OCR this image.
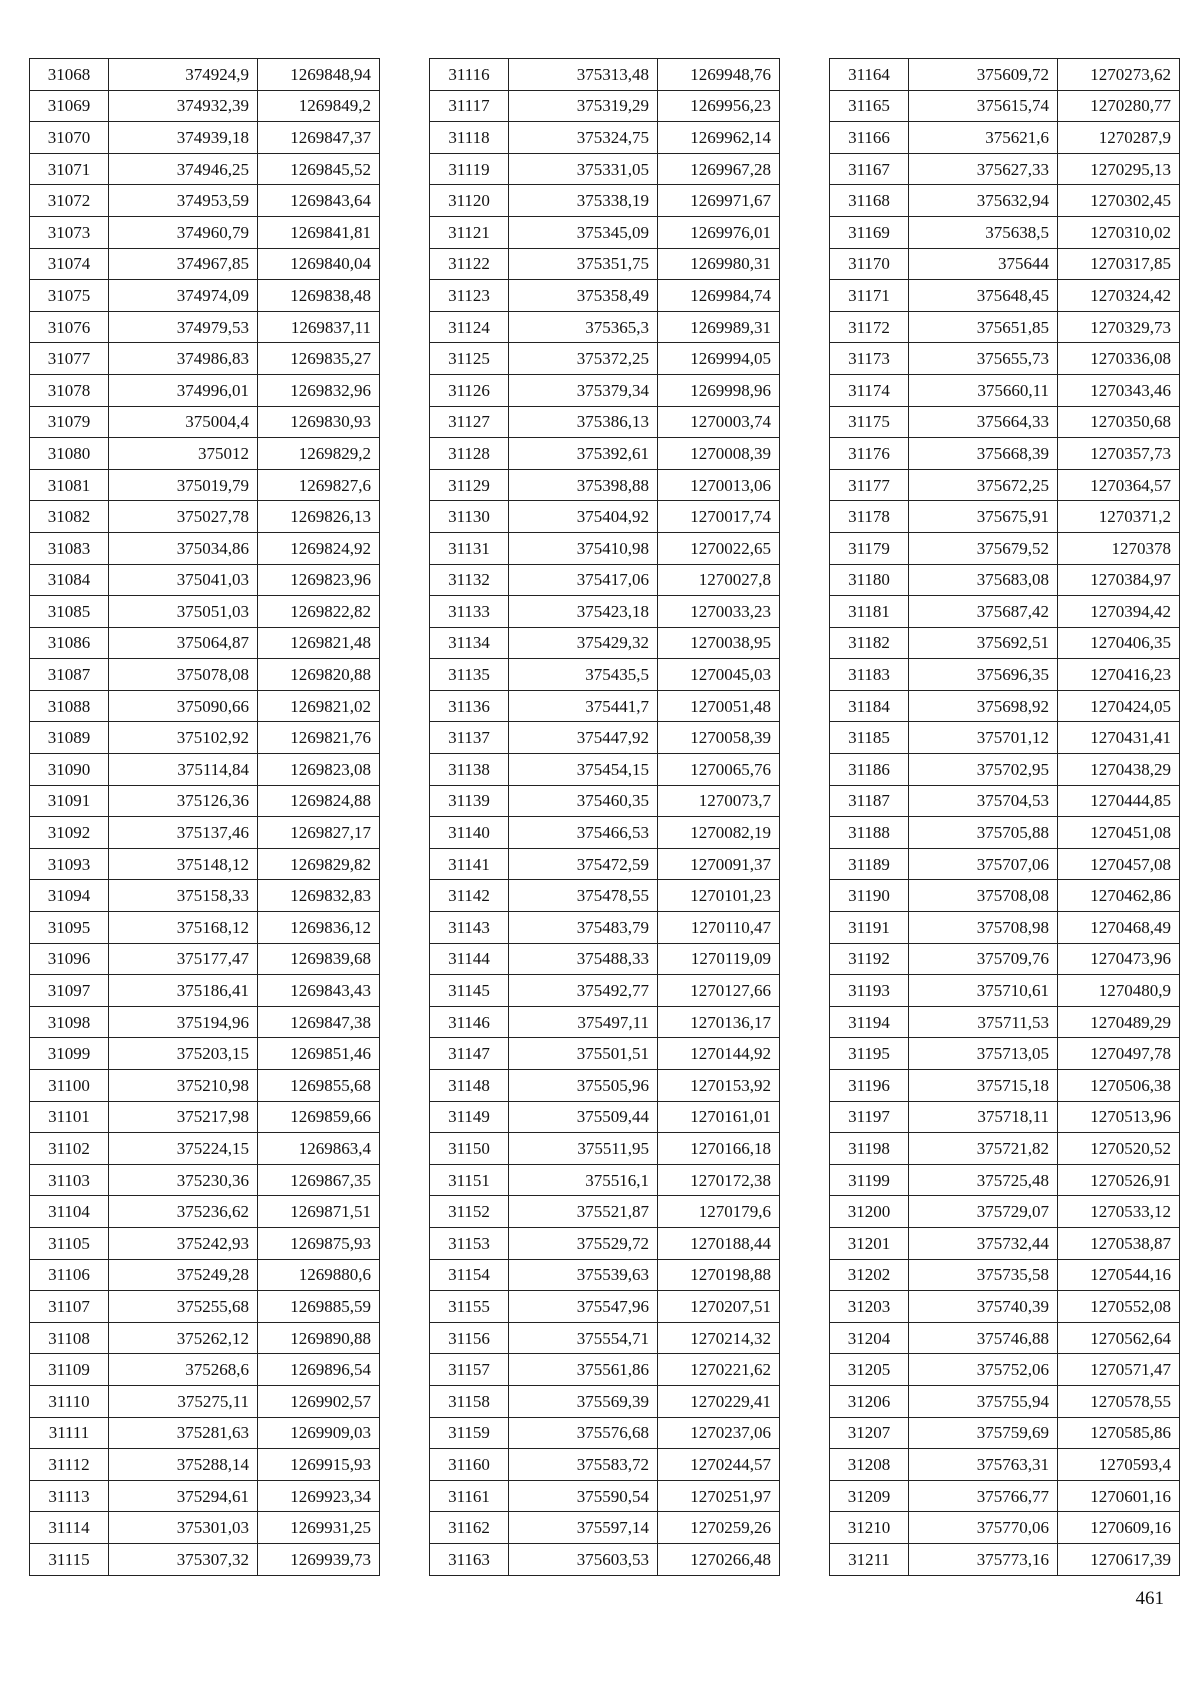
31068	374924,9	1269848,94
31069	374932,39	1269849,2
31070	374939,18	1269847,37
31071	374946,25	1269845,52
31072	374953,59	1269843,64
31073	374960,79	1269841,81
31074	374967,85	1269840,04
31075	374974,09	1269838,48
31076	374979,53	1269837,11
31077	374986,83	1269835,27
31078	374996,01	1269832,96
31079	375004,4	1269830,93
31080	375012	1269829,2
31081	375019,79	1269827,6
31082	375027,78	1269826,13
31083	375034,86	1269824,92
31084	375041,03	1269823,96
31085	375051,03	1269822,82
31086	375064,87	1269821,48
31087	375078,08	1269820,88
31088	375090,66	1269821,02
31089	375102,92	1269821,76
31090	375114,84	1269823,08
31091	375126,36	1269824,88
31092	375137,46	1269827,17
31093	375148,12	1269829,82
31094	375158,33	1269832,83
31095	375168,12	1269836,12
31096	375177,47	1269839,68
31097	375186,41	1269843,43
31098	375194,96	1269847,38
31099	375203,15	1269851,46
31100	375210,98	1269855,68
31101	375217,98	1269859,66
31102	375224,15	1269863,4
31103	375230,36	1269867,35
31104	375236,62	1269871,51
31105	375242,93	1269875,93
31106	375249,28	1269880,6
31107	375255,68	1269885,59
31108	375262,12	1269890,88
31109	375268,6	1269896,54
31110	375275,11	1269902,57
31111	375281,63	1269909,03
31112	375288,14	1269915,93
31113	375294,61	1269923,34
31114	375301,03	1269931,25
31115	375307,32	1269939,73
31116	375313,48	1269948,76
31117	375319,29	1269956,23
31118	375324,75	1269962,14
31119	375331,05	1269967,28
31120	375338,19	1269971,67
31121	375345,09	1269976,01
31122	375351,75	1269980,31
31123	375358,49	1269984,74
31124	375365,3	1269989,31
31125	375372,25	1269994,05
31126	375379,34	1269998,96
31127	375386,13	1270003,74
31128	375392,61	1270008,39
31129	375398,88	1270013,06
31130	375404,92	1270017,74
31131	375410,98	1270022,65
31132	375417,06	1270027,8
31133	375423,18	1270033,23
31134	375429,32	1270038,95
31135	375435,5	1270045,03
31136	375441,7	1270051,48
31137	375447,92	1270058,39
31138	375454,15	1270065,76
31139	375460,35	1270073,7
31140	375466,53	1270082,19
31141	375472,59	1270091,37
31142	375478,55	1270101,23
31143	375483,79	1270110,47
31144	375488,33	1270119,09
31145	375492,77	1270127,66
31146	375497,11	1270136,17
31147	375501,51	1270144,92
31148	375505,96	1270153,92
31149	375509,44	1270161,01
31150	375511,95	1270166,18
31151	375516,1	1270172,38
31152	375521,87	1270179,6
31153	375529,72	1270188,44
31154	375539,63	1270198,88
31155	375547,96	1270207,51
31156	375554,71	1270214,32
31157	375561,86	1270221,62
31158	375569,39	1270229,41
31159	375576,68	1270237,06
31160	375583,72	1270244,57
31161	375590,54	1270251,97
31162	375597,14	1270259,26
31163	375603,53	1270266,48
31164	375609,72	1270273,62
31165	375615,74	1270280,77
31166	375621,6	1270287,9
31167	375627,33	1270295,13
31168	375632,94	1270302,45
31169	375638,5	1270310,02
31170	375644	1270317,85
31171	375648,45	1270324,42
31172	375651,85	1270329,73
31173	375655,73	1270336,08
31174	375660,11	1270343,46
31175	375664,33	1270350,68
31176	375668,39	1270357,73
31177	375672,25	1270364,57
31178	375675,91	1270371,2
31179	375679,52	1270378
31180	375683,08	1270384,97
31181	375687,42	1270394,42
31182	375692,51	1270406,35
31183	375696,35	1270416,23
31184	375698,92	1270424,05
31185	375701,12	1270431,41
31186	375702,95	1270438,29
31187	375704,53	1270444,85
31188	375705,88	1270451,08
31189	375707,06	1270457,08
31190	375708,08	1270462,86
31191	375708,98	1270468,49
31192	375709,76	1270473,96
31193	375710,61	1270480,9
31194	375711,53	1270489,29
31195	375713,05	1270497,78
31196	375715,18	1270506,38
31197	375718,11	1270513,96
31198	375721,82	1270520,52
31199	375725,48	1270526,91
31200	375729,07	1270533,12
31201	375732,44	1270538,87
31202	375735,58	1270544,16
31203	375740,39	1270552,08
31204	375746,88	1270562,64
31205	375752,06	1270571,47
31206	375755,94	1270578,55
31207	375759,69	1270585,86
31208	375763,31	1270593,4
31209	375766,77	1270601,16
31210	375770,06	1270609,16
31211	375773,16	1270617,39
461
